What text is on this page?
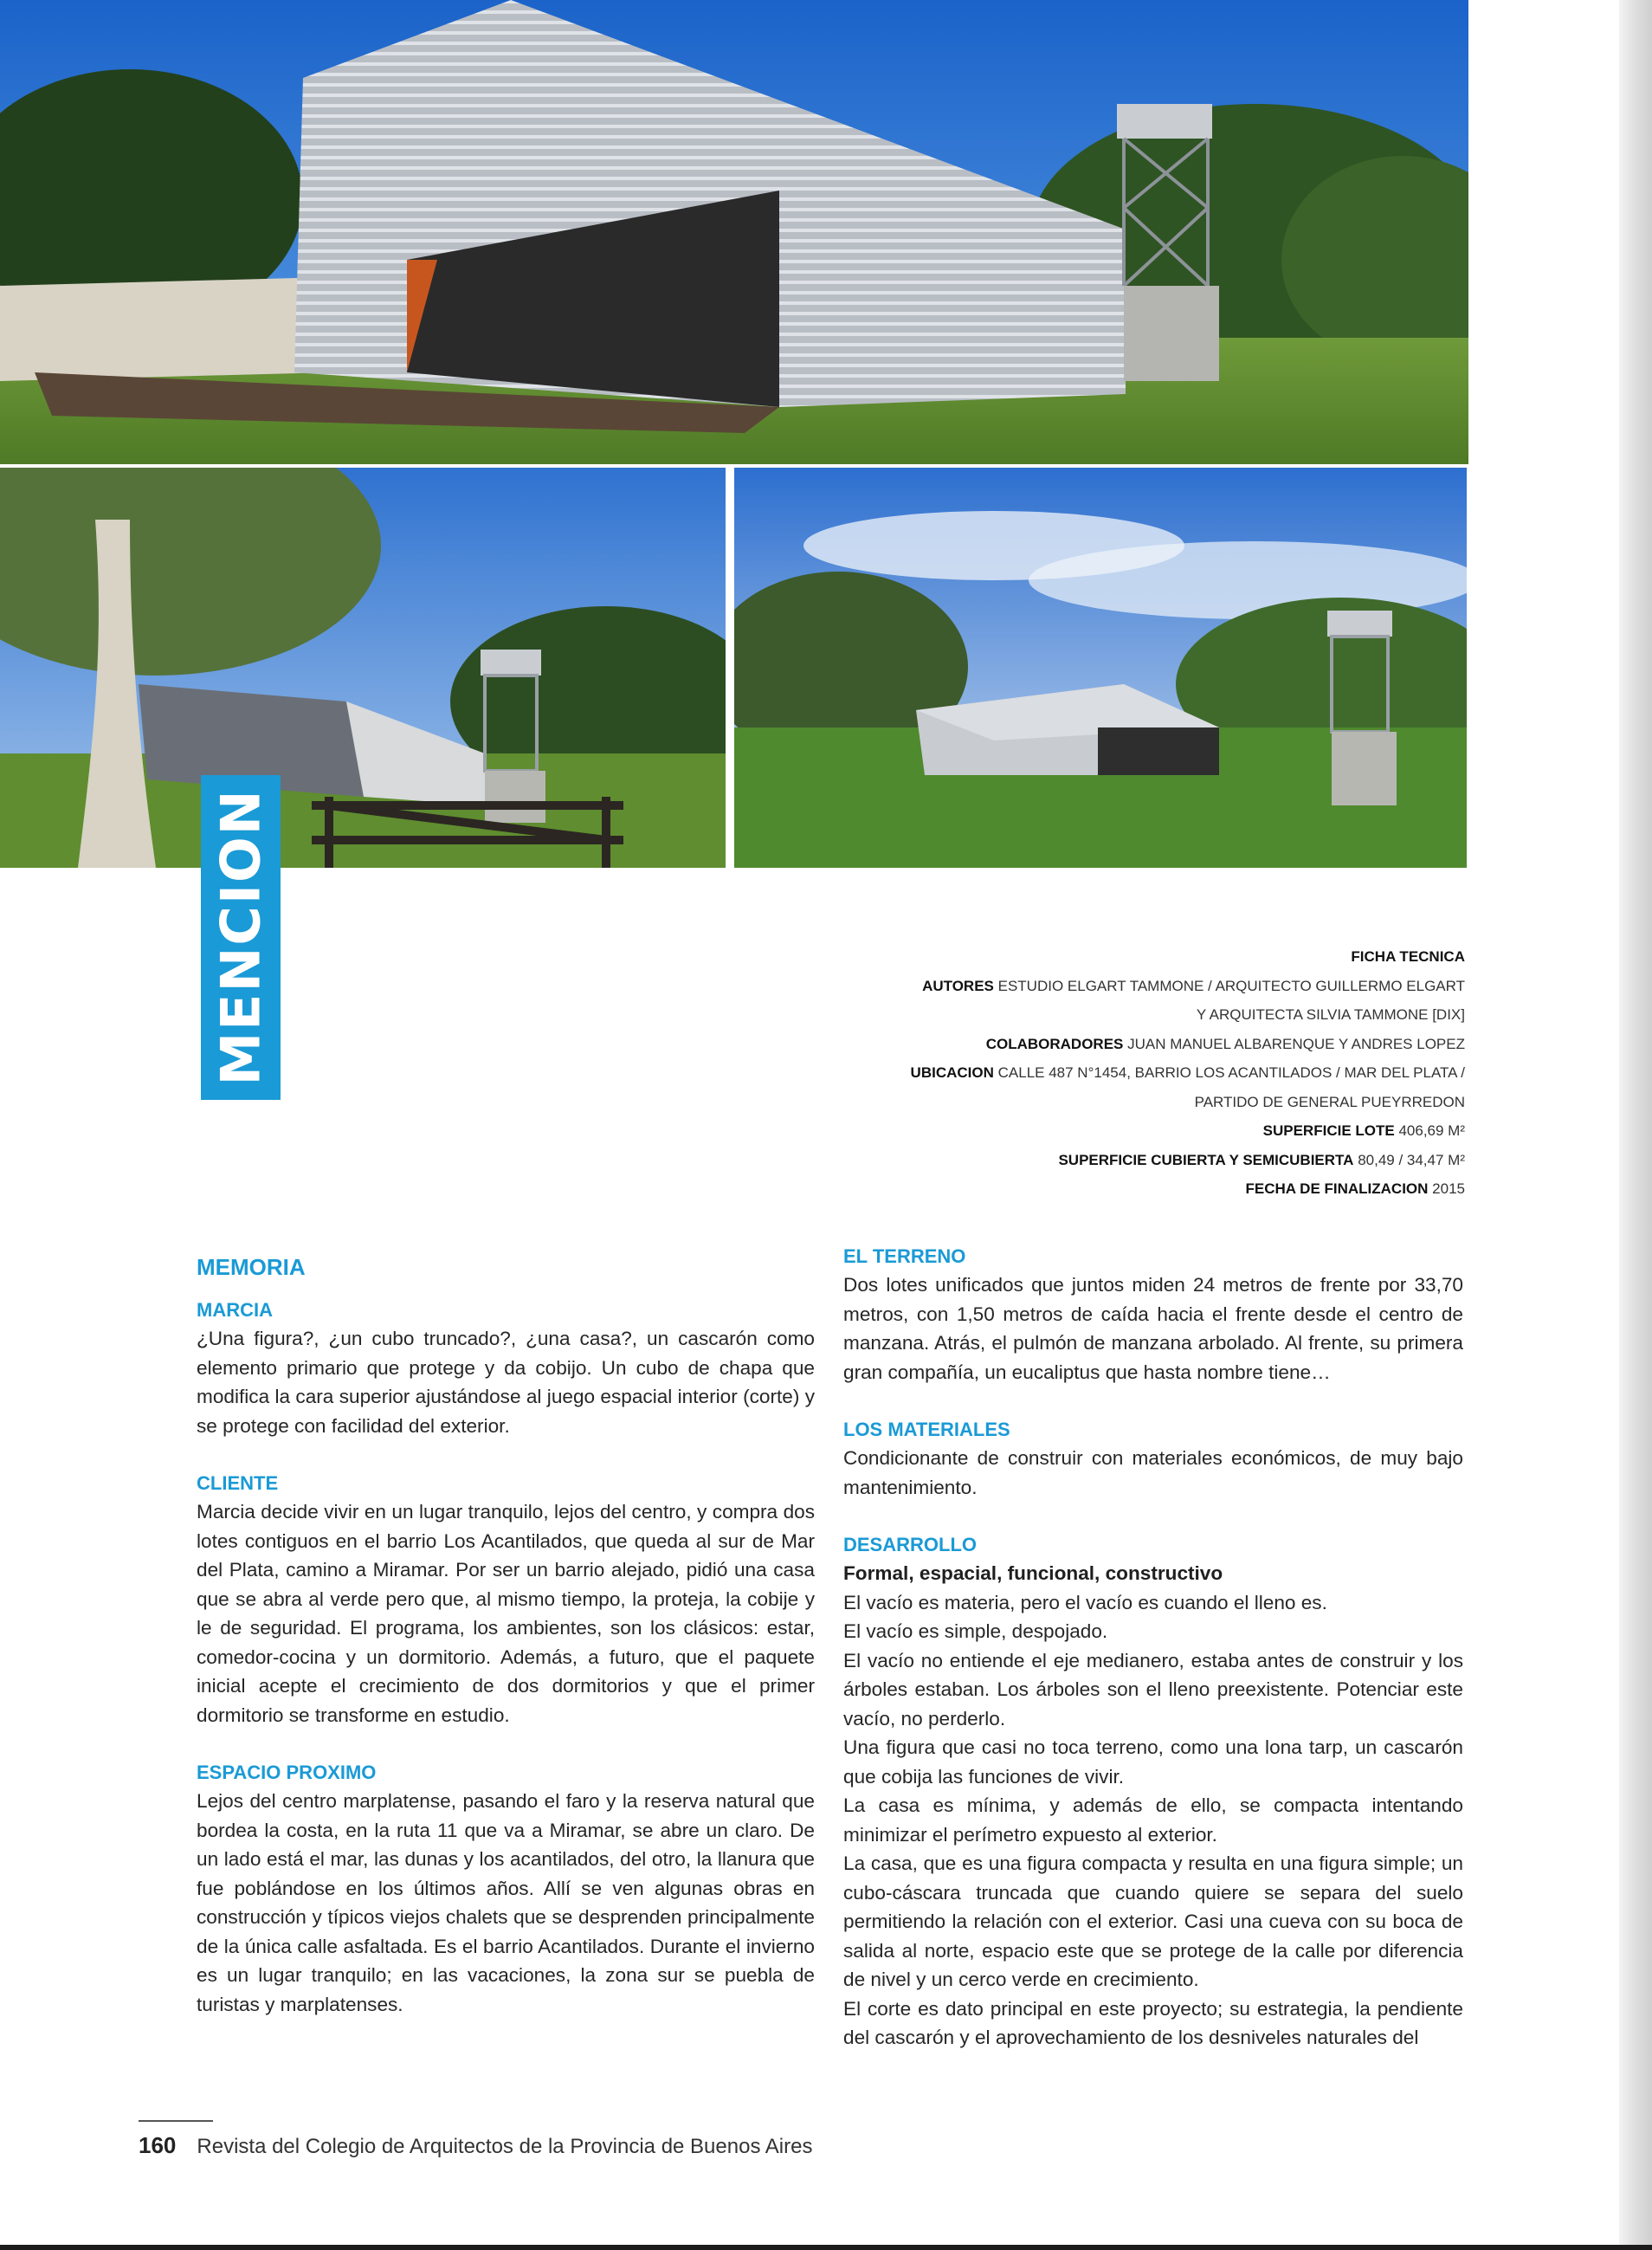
MENCION	FICHA TECNICA
AUTORES ESTUDIO ELGART TAMMONE / ARQUITECTO GUILLERMO ELGART
Y ARQUITECTA SILVIA TAMMONE [DIX]
COLABORADORES JUAN MANUEL ALBARENQUE Y ANDRES LOPEZ
UBICACION CALLE 487 N°1454, BARRIO LOS ACANTILADOS / MAR DEL PLATA /
PARTIDO DE GENERAL PUEYRREDON
SUPERFICIE LOTE 406,69 M²
SUPERFICIE CUBIERTA Y SEMICUBIERTA 80,49 / 34,47 M²
FECHA DE FINALIZACION 2015
MEMORIA
MARCIA

¿Una figura?, ¿un cubo truncado?, ¿una casa?, un cascarón como elemento primario que protege y da cobijo. Un cubo de chapa que modifica la cara superior ajustándose al juego espacial interior (corte) y se protege con facilidad del exterior.

CLIENTE

Marcia decide vivir en un lugar tranquilo, lejos del centro, y compra dos lotes contiguos en el barrio Los Acantilados, que queda al sur de Mar del Plata, camino a Miramar. Por ser un barrio alejado, pidió una casa que se abra al verde pero que, al mismo tiempo, la proteja, la cobije y le de seguridad. El programa, los ambientes, son los clásicos: estar, comedor-cocina y un dormitorio. Además, a futuro, que el paquete inicial acepte el crecimiento de dos dormitorios y que el primer dormitorio se transforme en estudio.

ESPACIO PROXIMO

Lejos del centro marplatense, pasando el faro y la reserva natural que bordea la costa, en la ruta 11 que va a Miramar, se abre un claro. De un lado está el mar, las dunas y los acantilados, del otro, la llanura que fue poblándose en los últimos años. Allí se ven algunas obras en construcción y típicos viejos chalets que se desprenden principalmente de la única calle asfaltada. Es el barrio Acantilados. Durante el invierno es un lugar tranquilo; en las vacaciones, la zona sur se puebla de turistas y marplatenses.

EL TERRENO

Dos lotes unificados que juntos miden 24 metros de frente por 33,70 metros, con 1,50 metros de caída hacia el frente desde el centro de manzana. Atrás, el pulmón de manzana arbolado. Al frente, su primera gran compañía, un eucaliptus que hasta nombre tiene…

LOS MATERIALES

Condicionante de construir con materiales económicos, de muy bajo mantenimiento.

DESARROLLO

Formal, espacial, funcional, constructivo

El vacío es materia, pero el vacío es cuando el lleno es.

El vacío es simple, despojado.

El vacío no entiende el eje medianero, estaba antes de construir y los árboles estaban. Los árboles son el lleno preexistente. Potenciar este vacío, no perderlo.

Una figura que casi no toca terreno, como una lona tarp, un cascarón que cobija las funciones de vivir.

La casa es mínima, y además de ello, se compacta intentando minimizar el perímetro expuesto al exterior.

La casa, que es una figura compacta y resulta en una figura simple; un cubo-cáscara truncada que cuando quiere se separa del suelo permitiendo la relación con el exterior. Casi una cueva con su boca de salida al norte, espacio este que se protege de la calle por diferencia de nivel y un cerco verde en crecimiento.

El corte es dato principal en este proyecto; su estrategia, la pendiente del cascarón y el aprovechamiento de los desniveles naturales del

160 Revista del Colegio de Arquitectos de la Provincia de Buenos Aires
